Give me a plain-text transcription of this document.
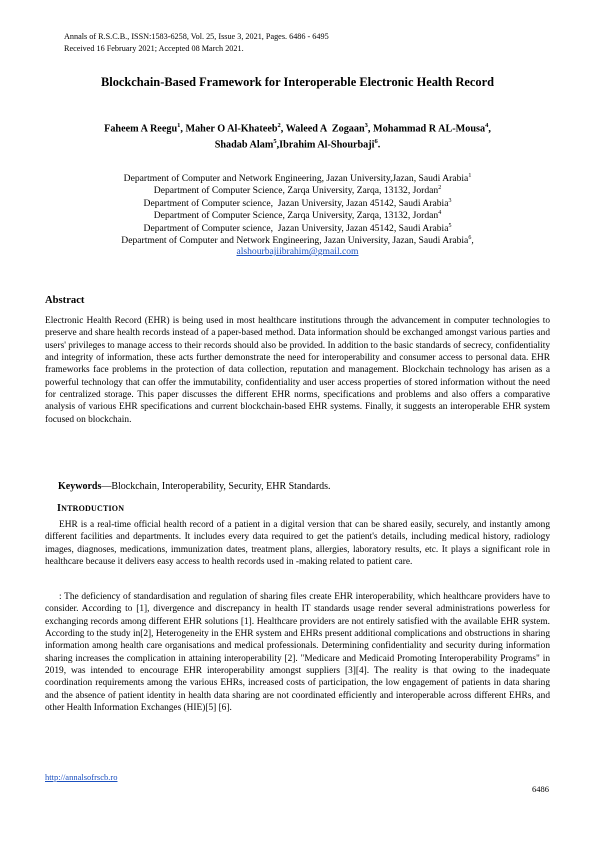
Annals of R.S.C.B., ISSN:1583-6258, Vol. 25, Issue 3, 2021, Pages. 6486 - 6495
Received 16 February 2021; Accepted 08 March 2021.
Blockchain-Based Framework for Interoperable Electronic Health Record
Faheem A Reegu$^1$, Maher O Al-Khateeb$^2$, Waleed A  Zogaan$^3$, Mohammad R AL-Mousa$^4$,
Shadab Alam$^5$,Ibrahim Al-Shourbaji$^6$.
Department of Computer and Network Engineering, Jazan University,Jazan, Saudi Arabia$^1$
Department of Computer Science, Zarqa University, Zarqa, 13132, Jordan$^2$
Department of Computer science,  Jazan University, Jazan 45142, Saudi Arabia$^3$
Department of Computer Science, Zarqa University, Zarqa, 13132, Jordan$^4$
Department of Computer science,  Jazan University, Jazan 45142, Saudi Arabia$^5$
Department of Computer and Network Engineering, Jazan University, Jazan, Saudi Arabia$^6$,
alshourbajiibrahim@gmail.com
Abstract
Electronic Health Record (EHR) is being used in most healthcare institutions through the advancement in computer technologies to preserve and share health records instead of a paper-based method. Data information should be exchanged amongst various parties and users' privileges to manage access to their records should also be provided. In addition to the basic standards of secrecy, confidentiality and integrity of information, these acts further demonstrate the need for interoperability and consumer access to personal data. EHR frameworks face problems in the protection of data collection, reputation and management. Blockchain technology has arisen as a powerful technology that can offer the immutability, confidentiality and user access properties of stored information without the need for centralized storage. This paper discusses the different EHR norms, specifications and problems and also offers a comparative analysis of various EHR specifications and current blockchain-based EHR systems. Finally, it suggests an interoperable EHR system focused on blockchain.
Keywords—Blockchain, Interoperability, Security, EHR Standards.
INTRODUCTION
EHR is a real-time official health record of a patient in a digital version that can be shared easily, securely, and instantly among different facilities and departments. It includes every data required to get the patient's details, including medical history, radiology images, diagnoses, medications, immunization dates, treatment plans, allergies, laboratory results, etc. It plays a significant role in healthcare because it delivers easy access to health records used in -making related to patient care.
: The deficiency of standardisation and regulation of sharing files create EHR interoperability, which healthcare providers have to consider. According to [1], divergence and discrepancy in health IT standards usage render several administrations powerless for exchanging records among different EHR solutions [1]. Healthcare providers are not entirely satisfied with the available EHR system. According to the study in[2], Heterogeneity in the EHR system and EHRs present additional complications and obstructions in sharing information among health care organisations and medical professionals. Determining confidentiality and security during information sharing increases the complication in attaining interoperability [2]. "Medicare and Medicaid Promoting Interoperability Programs" in 2019, was intended to encourage EHR interoperability amongst suppliers [3][4]. The reality is that owing to the inadequate coordination requirements among the various EHRs, increased costs of participation, the low engagement of patients in data sharing and the absence of patient identity in health data sharing are not coordinated efficiently and interoperable across different EHRs, and other Health Information Exchanges (HIE)[5] [6].
http://annalsofrscb.ro
6486
